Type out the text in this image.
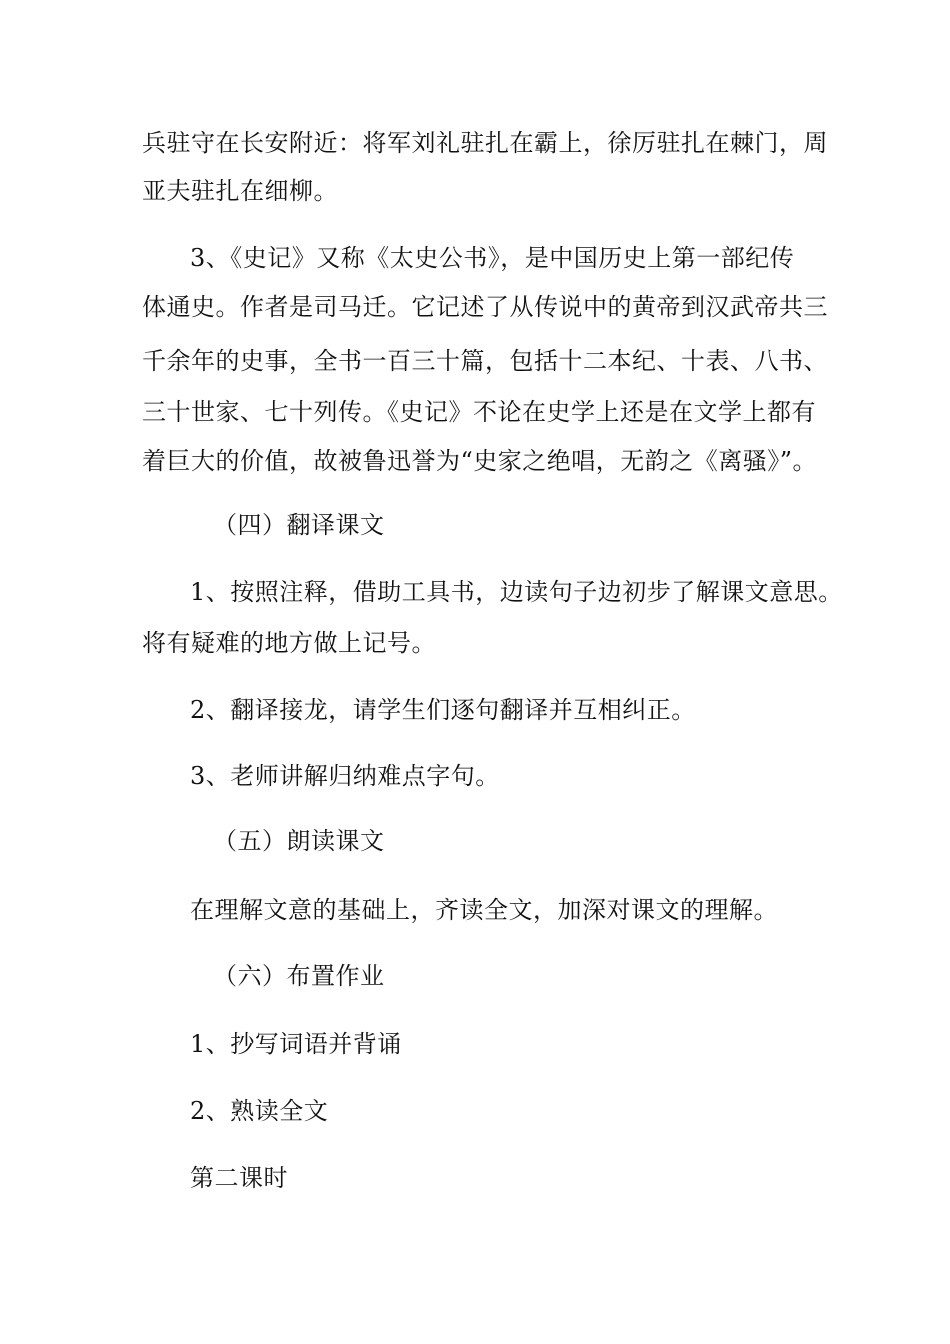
兵驻守在长安附近：将军刘礼驻扎在霸上，徐厉驻扎在棘门，周
亚夫驻扎在细柳。
3、《史记》又称《太史公书》，是中国历史上第一部纪传
体通史。作者是司马迁。它记述了从传说中的黄帝到汉武帝共三
千余年的史事，全书一百三十篇，包括十二本纪、十表、八书、
三十世家、七十列传。《史记》不论在史学上还是在文学上都有
着巨大的价值，故被鲁迅誉为“史家之绝唱，无韵之《离骚》”。
（四）翻译课文
1、按照注释，借助工具书，边读句子边初步了解课文意思。
将有疑难的地方做上记号。
2、翻译接龙，请学生们逐句翻译并互相纠正。
3、老师讲解归纳难点字句。
（五）朗读课文
在理解文意的基础上，齐读全文，加深对课文的理解。
（六）布置作业
1、抄写词语并背诵
2、熟读全文
第二课时
